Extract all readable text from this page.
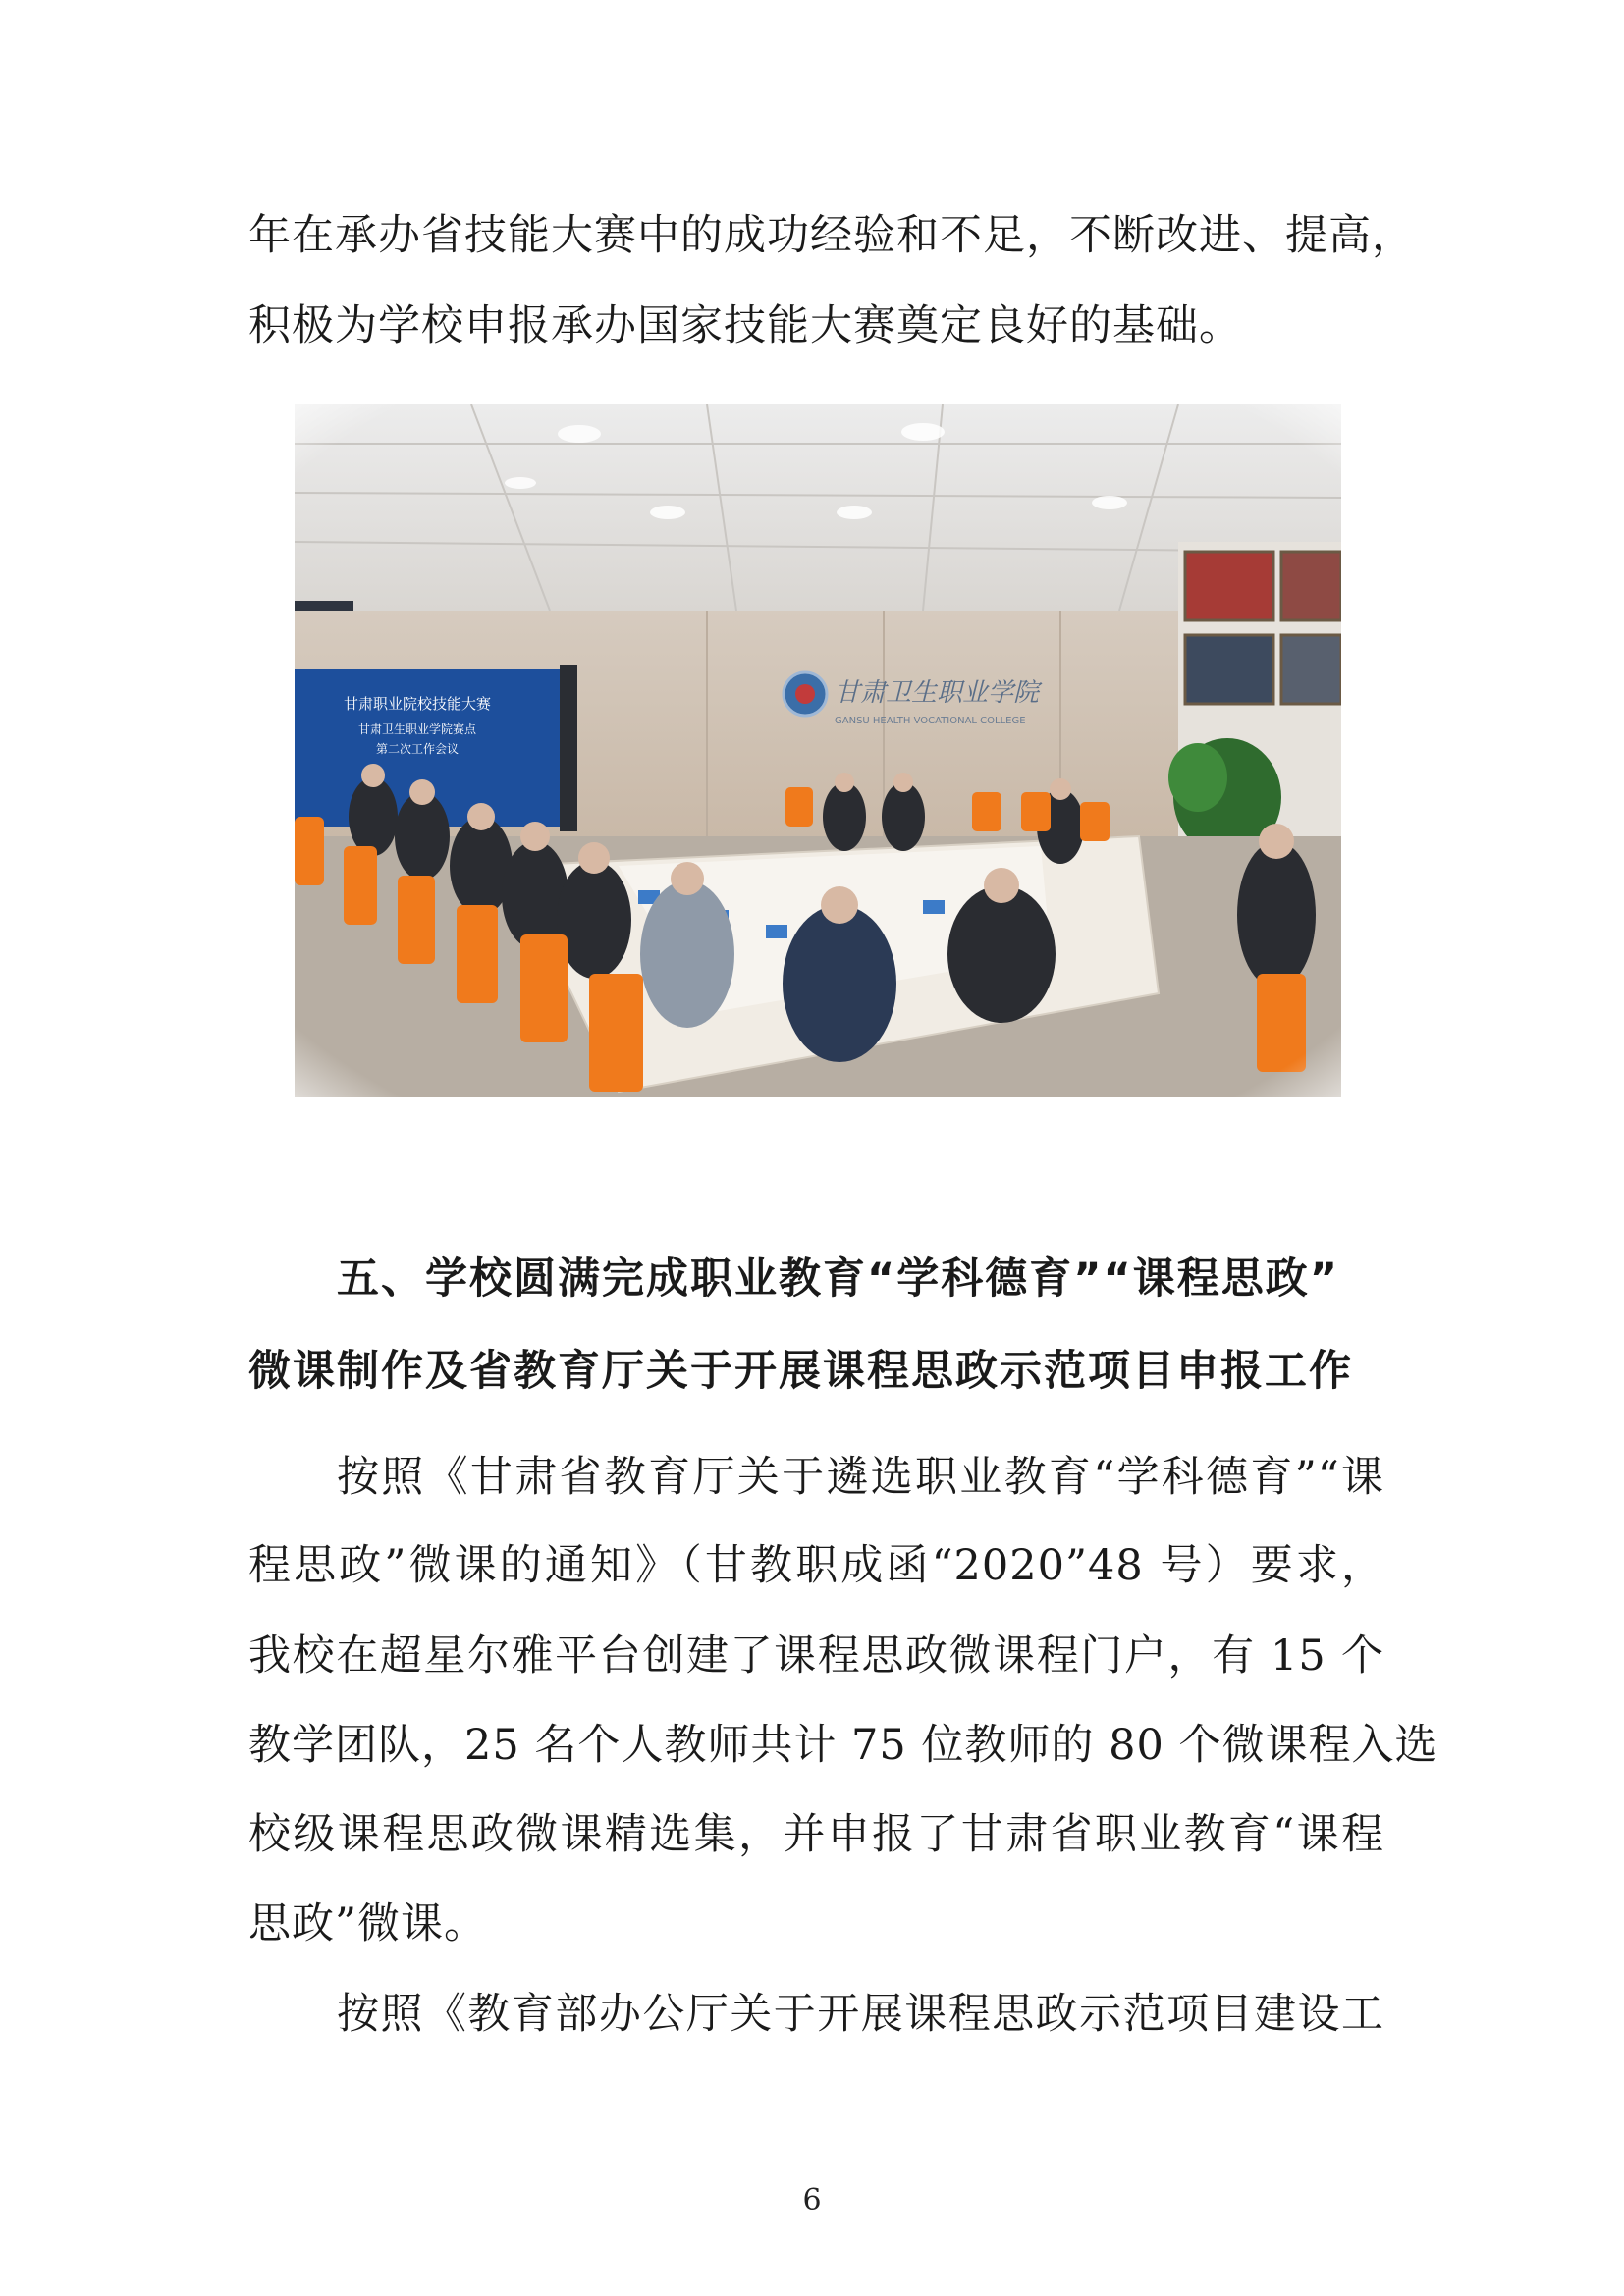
年在承办省技能大赛中的成功经验和不足，不断改进、提高，
积极为学校申报承办国家技能大赛奠定良好的基础。
五、学校圆满完成职业教育“学科德育”“课程思政”
微课制作及省教育厅关于开展课程思政示范项目申报工作
按照《甘肃省教育厅关于遴选职业教育“学科德育”“课
程思政”微课的通知》（甘教职成函“2020”48 号）要求，
我校在超星尔雅平台创建了课程思政微课程门户，有 15 个
教学团队，25 名个人教师共计 75 位教师的 80 个微课程入选
校级课程思政微课精选集，并申报了甘肃省职业教育“课程
思政”微课。
按照《教育部办公厅关于开展课程思政示范项目建设工
6
